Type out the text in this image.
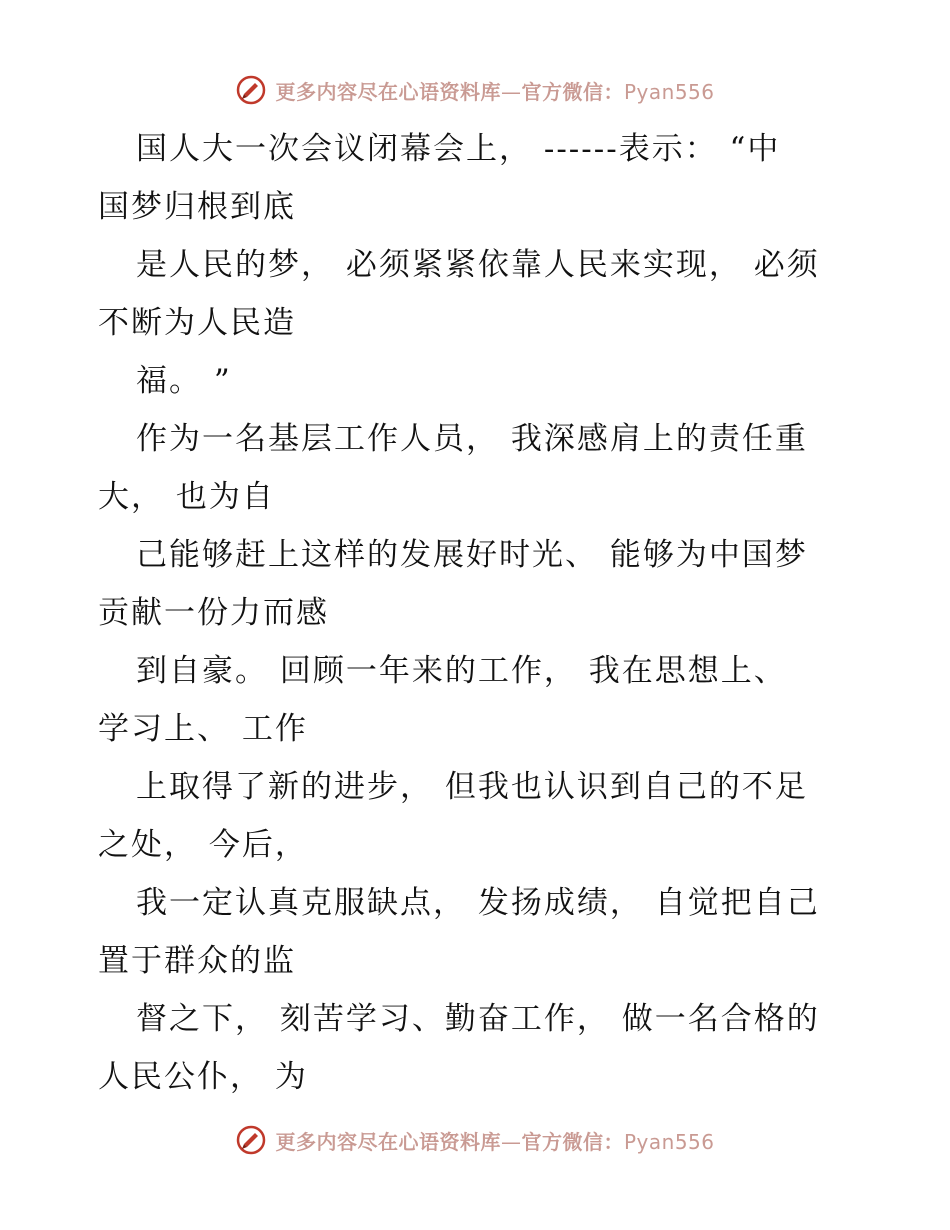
更多内容尽在心语资料库—官方微信：Pyan556
国人大一次会议闭幕会上， ------表示： “中
国梦归根到底
是人民的梦， 必须紧紧依靠人民来实现， 必须
不断为人民造
福。 ”
作为一名基层工作人员， 我深感肩上的责任重
大， 也为自
己能够赶上这样的发展好时光、 能够为中国梦
贡献一份力而感
到自豪。 回顾一年来的工作， 我在思想上、
学习上、 工作
上取得了新的进步， 但我也认识到自己的不足
之处， 今后，
我一定认真克服缺点， 发扬成绩， 自觉把自己
置于群众的监
督之下， 刻苦学习、勤奋工作， 做一名合格的
人民公仆， 为
更多内容尽在心语资料库—官方微信：Pyan556
